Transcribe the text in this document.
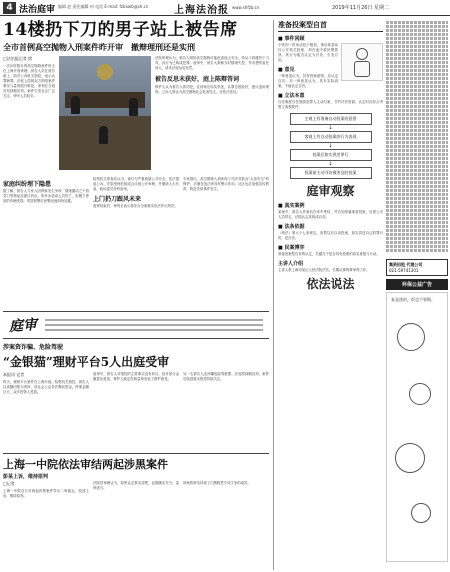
4 法治庭审 编辑 赵 责任编辑 何 电话 E-mail: fzbxwb@sh.cn	上海法治报 www.shfzb.cn	2019年11月26日 星期二
14楼扔下刀的男子站上被告席
全市首例高空抛物入刑案件昨开审　撤辩理刑还是实刑
□法治报记者 徐
一次历时数月的高空抛物案件昨天在上海开庭审理。被告人站在被告席上，面对公诉机关指控，表示认罪悔罪。法庭上控辩双方围绕案件事实与量刑展开辩论，审判长当庭宣布择期宣判。案件引发社会广泛关注，旁听人员较多。
法院审理认为，被告人明知高空抛物可能危害他人安全，仍从十四楼扔下刀具，其行为已构成犯罪。庭审中，被告人辩称当时情绪失控，并未想伤害任何人，请求法庭从轻处罚。
被告反思未获好，庭上陈辩答词
辩护人认为被告人系初犯，且到案后如实供述，认罪态度较好，建议适用缓刑。公诉人则认为高空抛物社会危害性大，应依法惩处。
家庭纠纷埋下隐患
据了解，被告人与家人因琐事发生争吵，情绪激动之下将菜刀等物品从窗口扔出。所幸未造成人员伤亡，但楼下停放的车辆受损。邻居报警后民警迅速到场处置。
检察机关审查后认为，该行为严重威胁公共安全，依法提起公诉。法院受理后组成合议庭公开审理，并邀请人大代表、政协委员旁听庭审。
上门扔刀跟风未来
庭审结束后，审判长表示将综合全案事实依法作出判决。
专家指出，高空抛物入刑体现了司法对群众“头顶安全”的保护，对潜在违法者具有警示作用。社区也应加强宣传教育，防范类似事件发生。
庭审
涉案资诈骗、危险驾驶
“金银猫”理财平台5人出庭受审
本报讯 记者
昨天，理财平台案件在上海开庭。检察机关指控，被告人以高额回报为诱饵，向社会公众非法吸收资金，涉案金额巨大，众多投资人受损。
庭审中，被告人对指控的主要事实没有异议，但对部分金额提出意见。辩护人就定性和量刑发表了辩护意见。
另一名被告人还涉嫌危险驾驶罪。法庭将择期宣判，案件后续进展本报将持续关注。
上海一中院依法审结两起涉黑案件
彭某上诉，维持原判
□记者
上海一中院近日对两起涉黑案件作出二审裁定，驳回上诉，维持原判。
法院经审理认为，原审认定事实清楚，证据确实充分，量刑适当。
该案的审结体现了扫黑除恶专项斗争的成效。
准备投案型自首
■ 事件回顾
小张因一时冲动犯下错误，事后准备前往公安机关投案，却在途中被民警抓获。其行为能否认定为自首，引发讨论。
■ 意见
一种意见认为，其有投案意图，应认定自首；另一种意见认为，其未实际到案，不能认定自首。
■ 立法本意
自首制度旨在鼓励犯罪人主动归案，节约司法资源。认定时应综合考察主客观要件。
主观上有准备自动投案的意图
↓
客观上有自动投案的行为表现
↓
投案后如实供述罪行
↓
投案前主动寻访被害及时投案
庭审观察
■ 真实案例
某案中，被告人作案后在家中等待，并告知家属准备投案，后被公安人员带走，法院认定其构成自首。
■ 法条依据
《刑法》第六十七条规定，犯罪以后自动投案，如实供述自己的罪行的，是自首。
■ 民案博弈
准备投案型自首的认定，关键在于是否具有投案的真实意愿与行动。
主讲人介绍
主讲人系上海市某区人民法院法官，长期从事刑事审判工作。
依法说法
集资招租 代理公司
021-59741301
环保公益广告
复是逃的，饭也不要倒。
